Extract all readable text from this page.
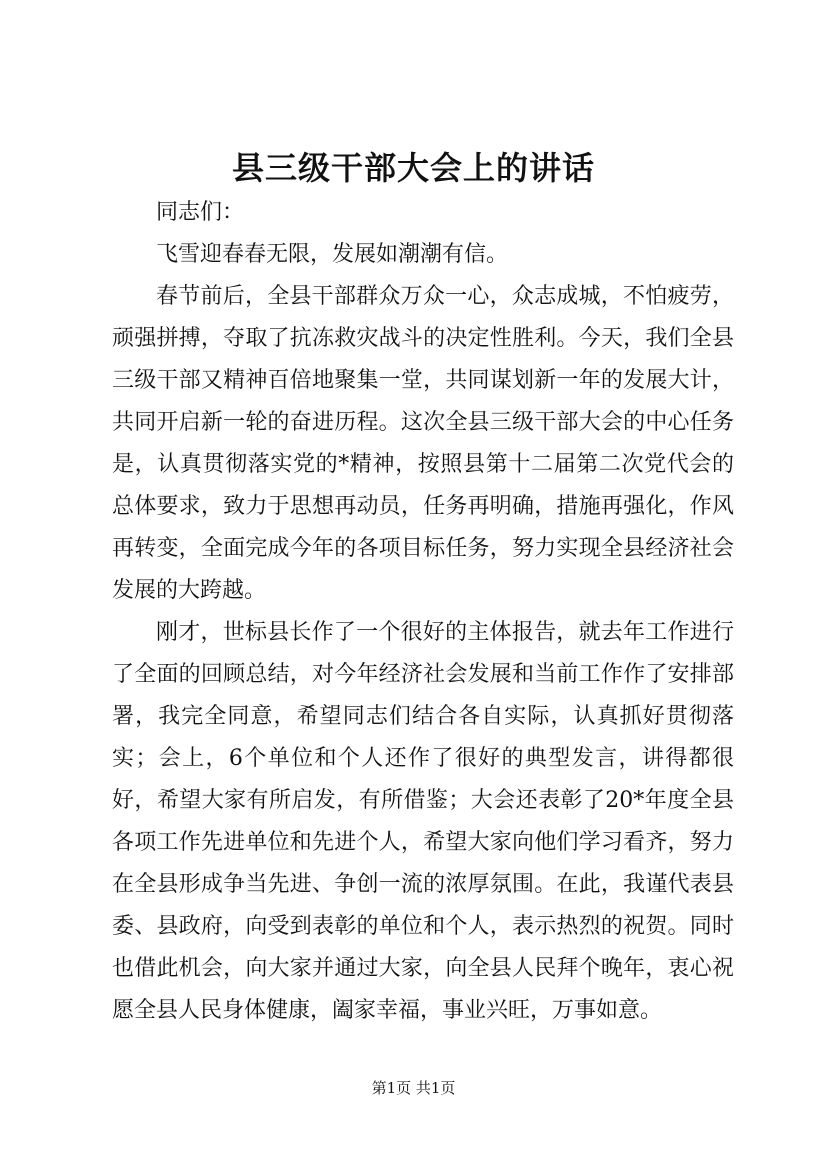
县三级干部大会上的讲话

同志们：

飞雪迎春春无限，发展如潮潮有信。

春节前后，全县干部群众万众一心，众志成城，不怕疲劳，顽强拼搏，夺取了抗冻救灾战斗的决定性胜利。今天，我们全县三级干部又精神百倍地聚集一堂，共同谋划新一年的发展大计，共同开启新一轮的奋进历程。这次全县三级干部大会的中心任务是，认真贯彻落实党的*精神，按照县第十二届第二次党代会的总体要求，致力于思想再动员，任务再明确，措施再强化，作风再转变，全面完成今年的各项目标任务，努力实现全县经济社会发展的大跨越。

刚才，世标县长作了一个很好的主体报告，就去年工作进行了全面的回顾总结，对今年经济社会发展和当前工作作了安排部署，我完全同意，希望同志们结合各自实际，认真抓好贯彻落实；会上，6个单位和个人还作了很好的典型发言，讲得都很好，希望大家有所启发，有所借鉴；大会还表彰了20*年度全县各项工作先进单位和先进个人，希望大家向他们学习看齐，努力在全县形成争当先进、争创一流的浓厚氛围。在此，我谨代表县委、县政府，向受到表彰的单位和个人，表示热烈的祝贺。同时也借此机会，向大家并通过大家，向全县人民拜个晚年，衷心祝愿全县人民身体健康，阖家幸福，事业兴旺，万事如意。

第1页 共1页
